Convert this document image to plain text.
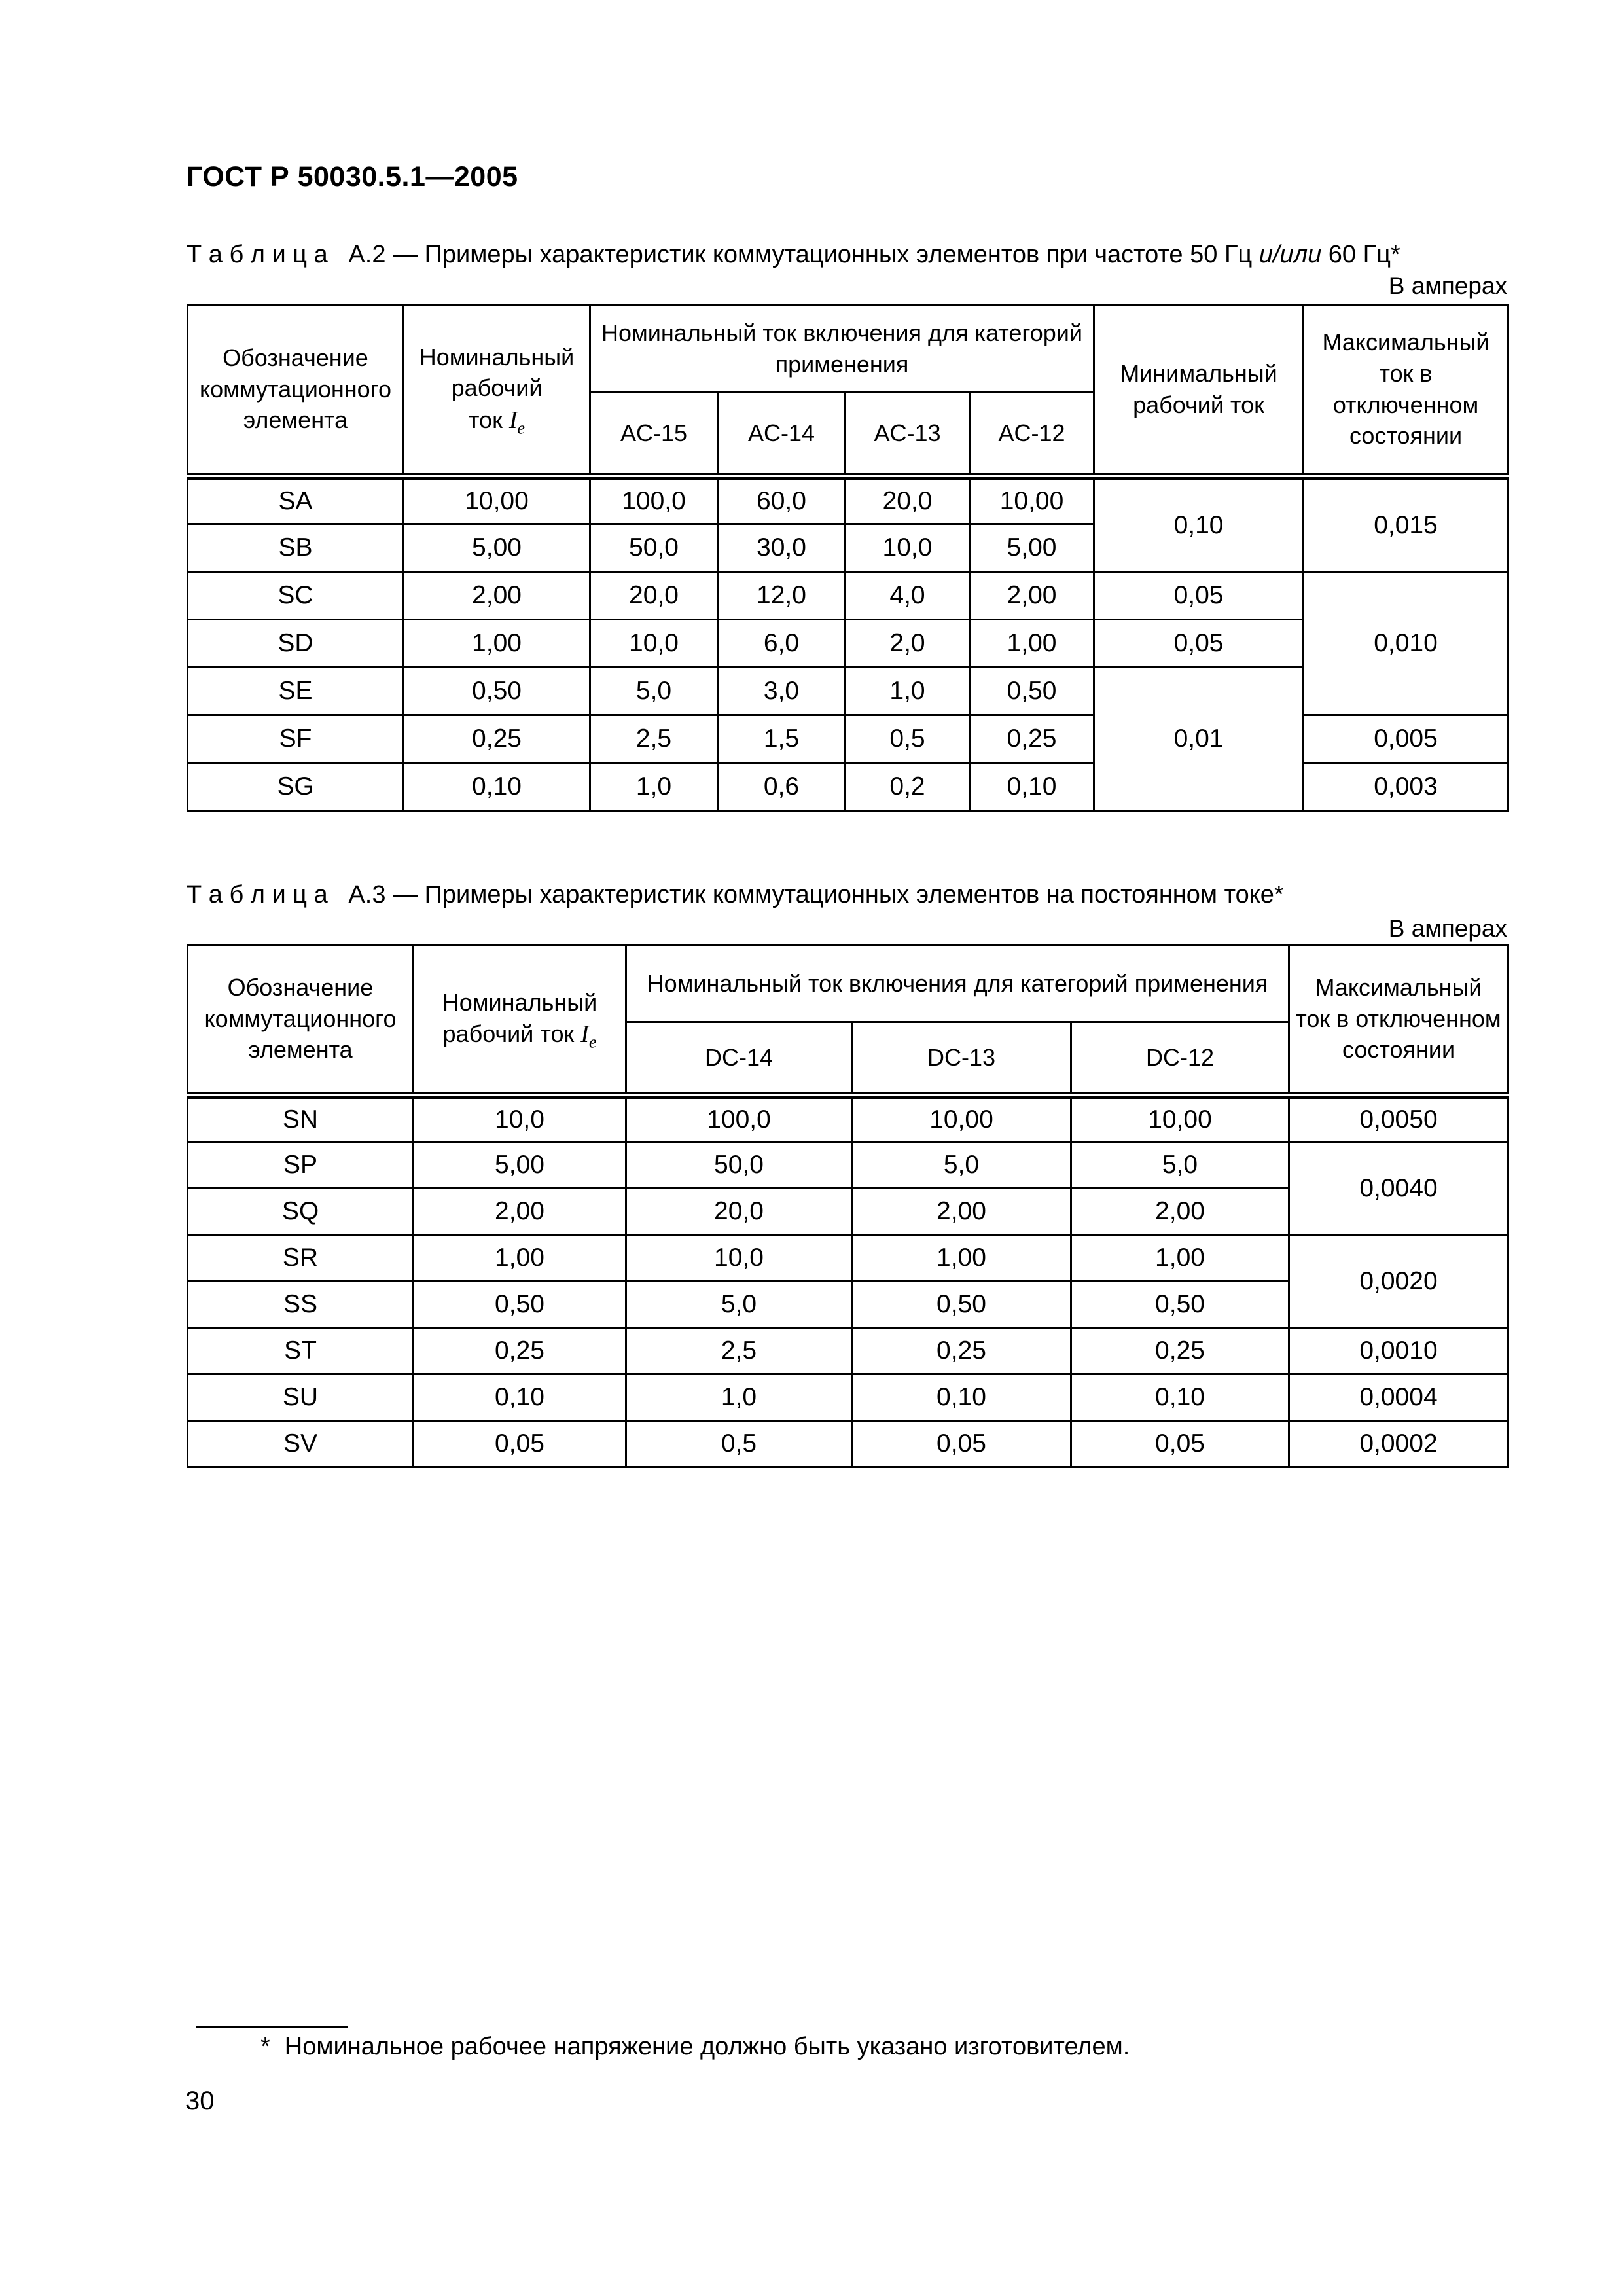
ГОСТ Р 50030.5.1—2005
Т а б л и ц а   А.2 — Примеры характеристик коммутационных элементов при частоте 50 Гц и/или 60 Гц*
В амперах
Обозначение
коммутационного
элемента

Номинальный
рабочий
ток $I_e$

Номинальный ток включения для категорий
применения	Минимальный
рабочий ток

Максимальный
ток в отключенном
состоянии

		AC-15	AC-14	AC-13	AC-12		
SA	10,00	100,0	60,0	20,0	10,00	0,10	0,015
SB	5,00	50,0	30,0	10,0	5,00		
SC	2,00	20,0	12,0	4,0	2,00	0,05	0,010
SD	1,00	10,0	6,0	2,0	1,00	0,05	
SE	0,50	5,0	3,0	1,0	0,50	0,01	
SF	0,25	2,5	1,5	0,5	0,25		0,005
SG	0,10	1,0	0,6	0,2	0,10		0,003
Т а б л и ц а   А.3 — Примеры характеристик коммутационных элементов на постоянном токе*
В амперах
Обозначение
коммутационного
элемента

Номинальный
рабочий ток $I_e$

Номинальный ток включения для категорий применения	Максимальный
ток в отключенном
состоянии

		DC-14	DC-13	DC-12	
SN	10,0	100,0	10,00	10,00	0,0050
SP	5,00	50,0	5,0	5,0	0,0040
SQ	2,00	20,0	2,00	2,00	
SR	1,00	10,0	1,00	1,00	0,0020
SS	0,50	5,0	0,50	0,50	
ST	0,25	2,5	0,25	0,25	0,0010
SU	0,10	1,0	0,10	0,10	0,0004
SV	0,05	0,5	0,05	0,05	0,0002
* Номинальное рабочее напряжение должно быть указано изготовителем.
30
